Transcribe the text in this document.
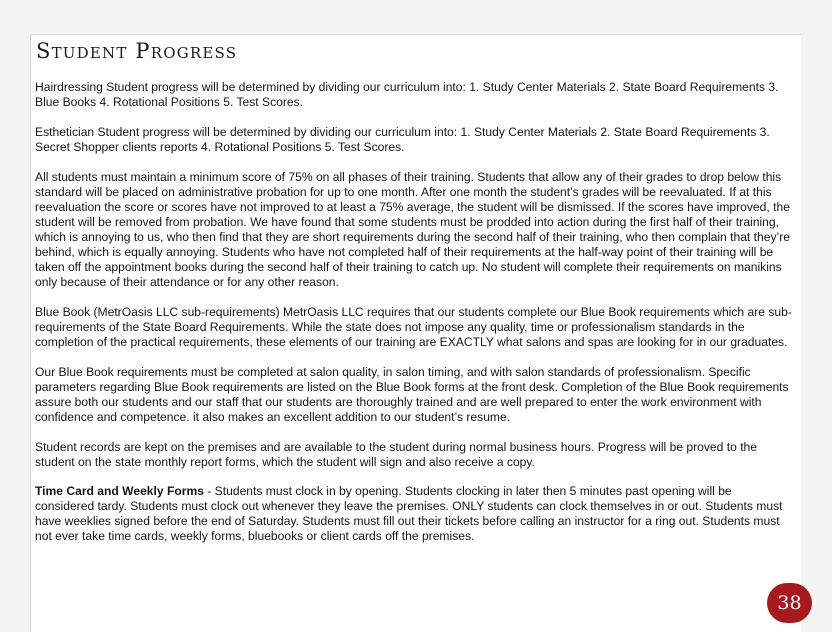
Student Progress

Hairdressing Student progress will be determined by dividing our curriculum into: 1. Study Center Materials 2. State Board Requirements 3. Blue Books 4. Rotational Positions 5. Test Scores.

Esthetician Student progress will be determined by dividing our curriculum into: 1. Study Center Materials 2. State Board Requirements 3. Secret Shopper clients reports 4. Rotational Positions 5. Test Scores.

All students must maintain a minimum score of 75% on all phases of their training. Students that allow any of their grades to drop below this standard will be placed on administrative probation for up to one month. After one month the student’s grades will be reevaluated. If at this reevaluation the score or scores have not improved to at least a 75% average, the student will be dismissed. If the scores have improved, the student will be removed from probation. We have found that some students must be prodded into action during the first half of their training, which is annoying to us, who then find that they are short requirements during the second half of their training, who then complain that they’re behind, which is equally annoying. Students who have not completed half of their requirements at the half-way point of their training will be taken off the appointment books during the second half of their training to catch up. No student will complete their requirements on manikins only because of their attendance or for any other reason.

Blue Book (MetrOasis LLC sub-requirements) MetrOasis LLC requires that our students complete our Blue Book requirements which are sub-requirements of the State Board Requirements. While the state does not impose any quality, time or professionalism standards in the completion of the practical requirements, these elements of our training are EXACTLY what salons and spas are looking for in our graduates.

Our Blue Book requirements must be completed at salon quality, in salon timing, and with salon standards of professionalism. Specific parameters regarding Blue Book requirements are listed on the Blue Book forms at the front desk. Completion of the Blue Book requirements assure both our students and our staff that our students are thoroughly trained and are well prepared to enter the work environment with confidence and competence. it also makes an excellent addition to our student’s resume.

Student records are kept on the premises and are available to the student during normal business hours. Progress will be proved to the student on the state monthly report forms, which the student will sign and also receive a copy.

Time Card and Weekly Forms - Students must clock in by opening. Students clocking in later then 5 minutes past opening will be considered tardy. Students must clock out whenever they leave the premises. ONLY students can clock themselves in or out. Students must have weeklies signed before the end of Saturday. Students must fill out their tickets before calling an instructor for a ring out. Students must not ever take time cards, weekly forms, bluebooks or client cards off the premises.

38
